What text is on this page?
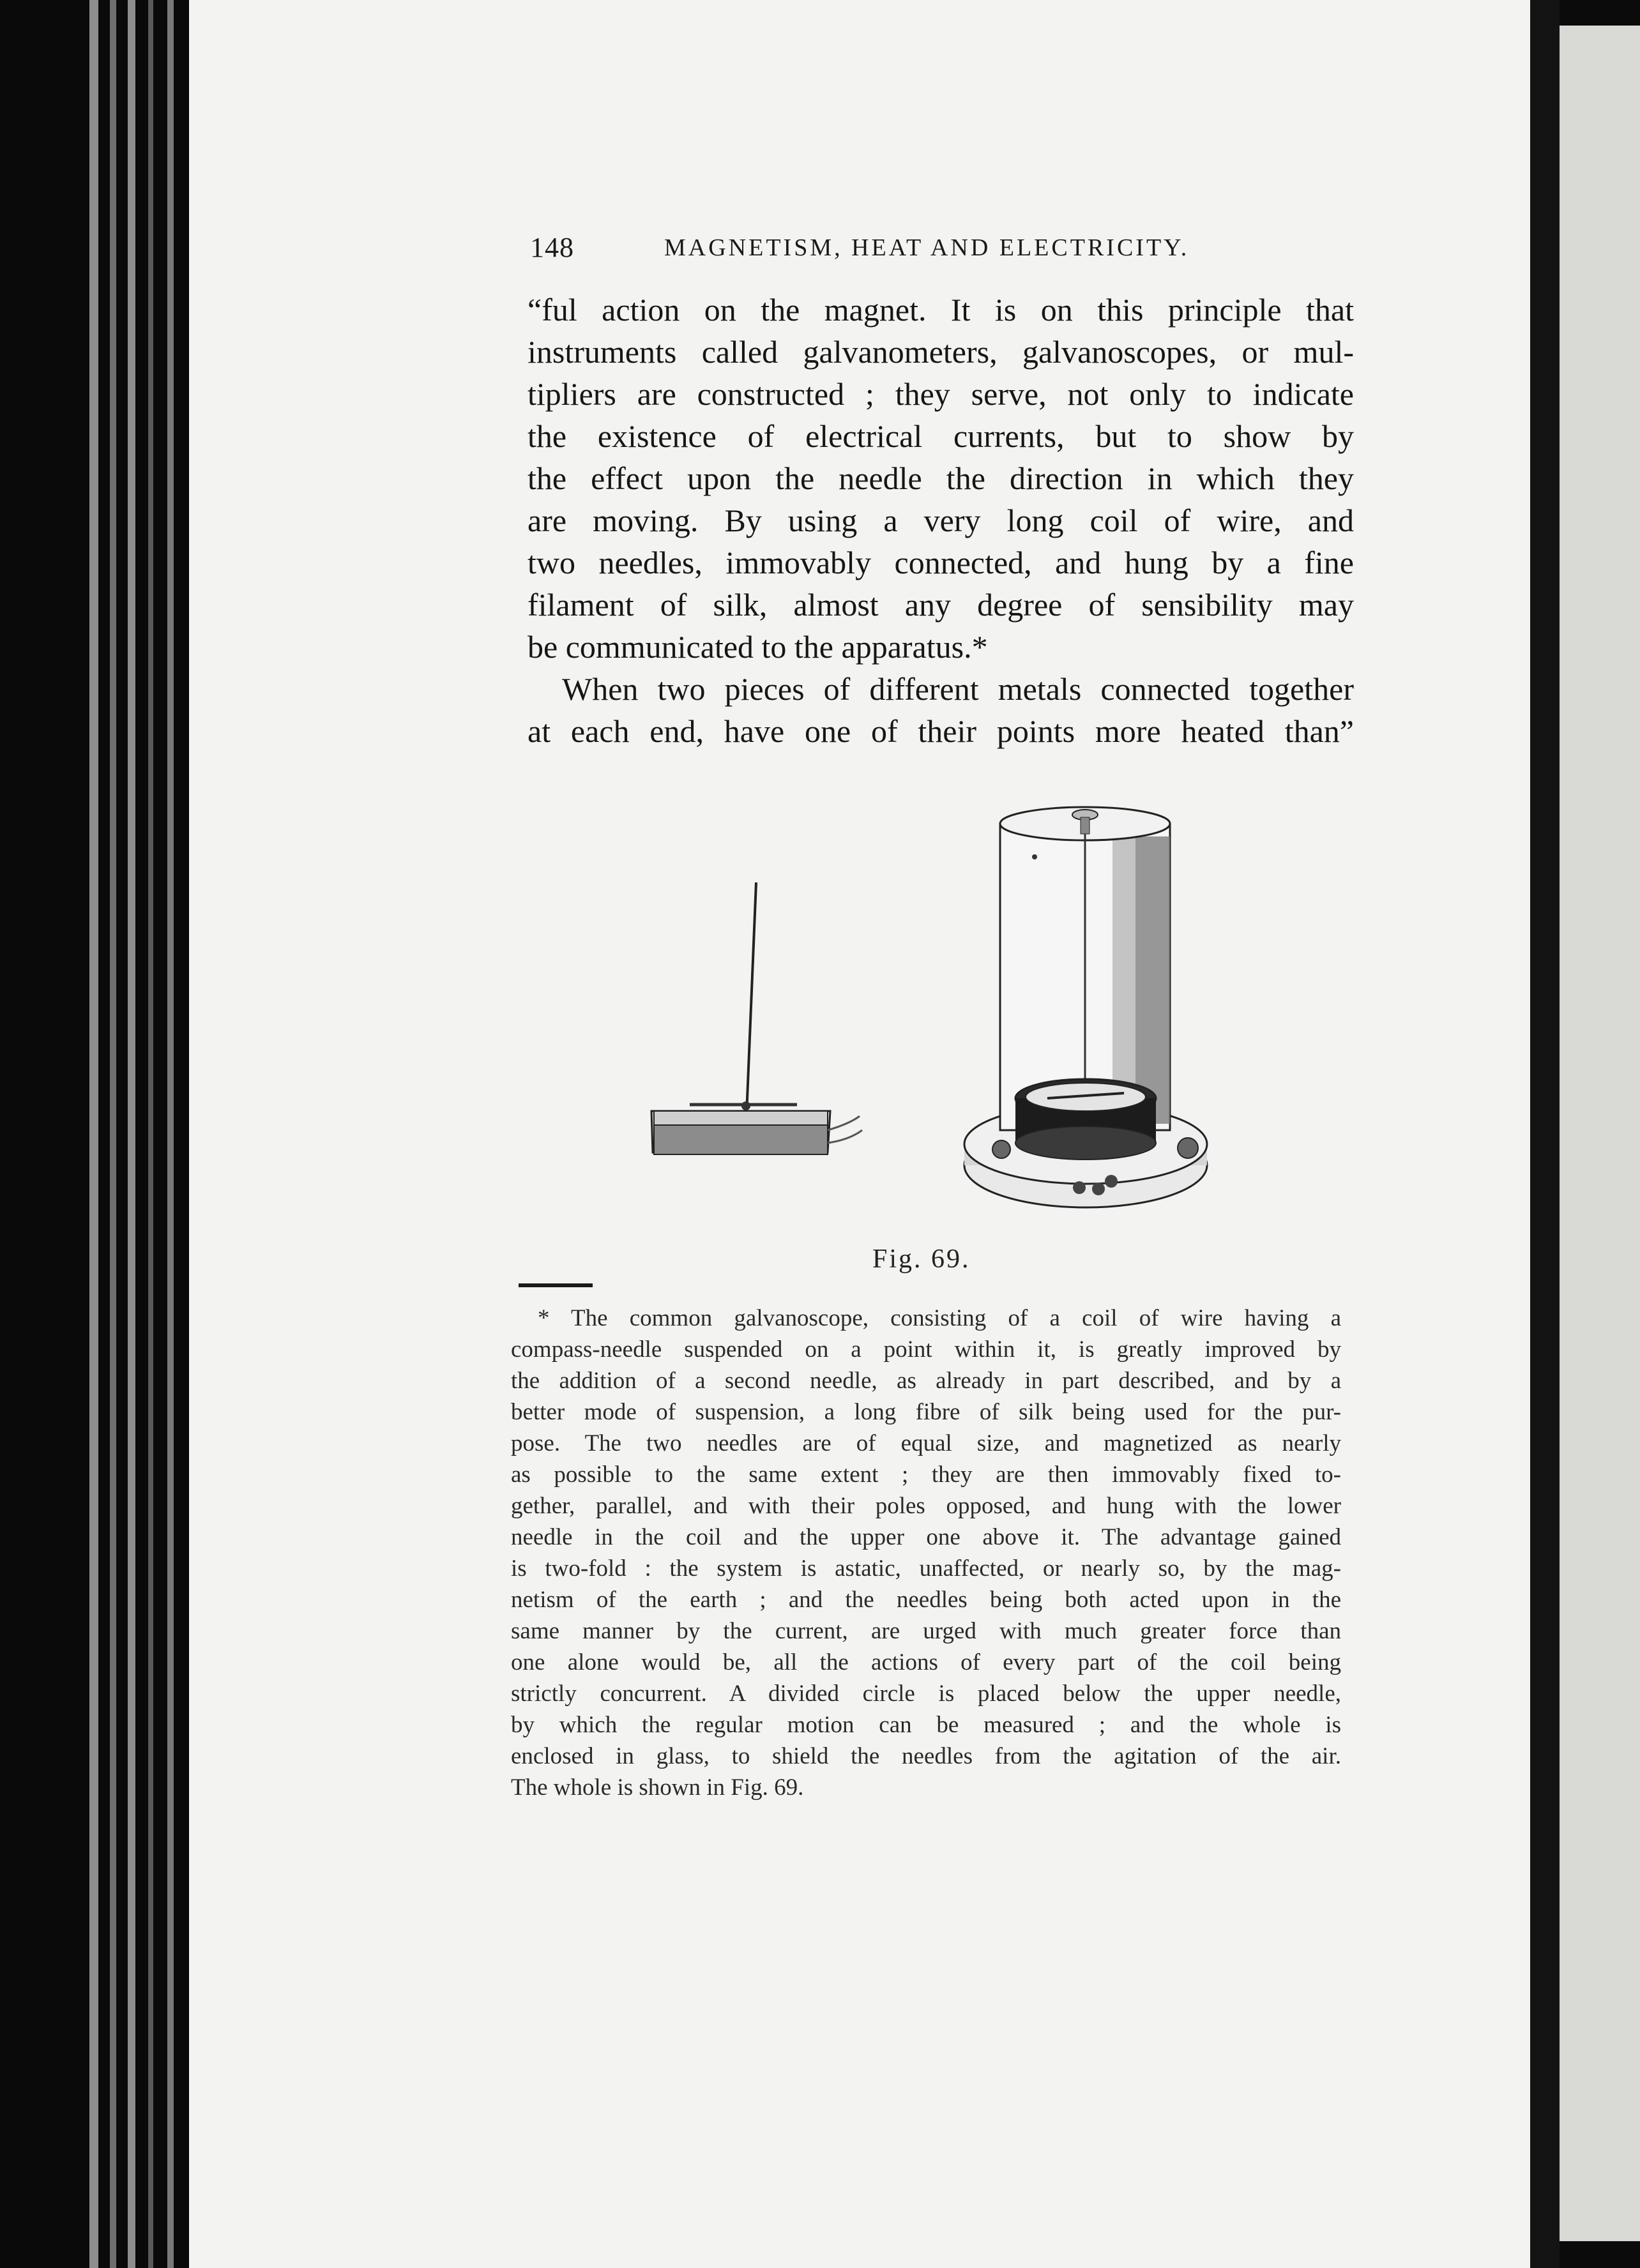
148	MAGNETISM, HEAT AND ELECTRICITY.
“ful action on the magnet. It is on this principle that
instruments called galvanometers, galvanoscopes, or mul-
tipliers are constructed ; they serve, not only to indicate
the existence of electrical currents, but to show by
the effect upon the needle the direction in which they
are moving. By using a very long coil of wire, and
two needles, immovably connected, and hung by a fine
filament of silk, almost any degree of sensibility may
be communicated to the apparatus.*
When two pieces of different metals connected together
at each end, have one of their points more heated than”
Fig. 69.
* The common galvanoscope, consisting of a coil of wire having a
compass-needle suspended on a point within it, is greatly improved by
the addition of a second needle, as already in part described, and by a
better mode of suspension, a long fibre of silk being used for the pur-
pose. The two needles are of equal size, and magnetized as nearly
as possible to the same extent ; they are then immovably fixed to-
gether, parallel, and with their poles opposed, and hung with the lower
needle in the coil and the upper one above it. The advantage gained
is two-fold : the system is astatic, unaffected, or nearly so, by the mag-
netism of the earth ; and the needles being both acted upon in the
same manner by the current, are urged with much greater force than
one alone would be, all the actions of every part of the coil being
strictly concurrent. A divided circle is placed below the upper needle,
by which the regular motion can be measured ; and the whole is
enclosed in glass, to shield the needles from the agitation of the air.
The whole is shown in Fig. 69.
